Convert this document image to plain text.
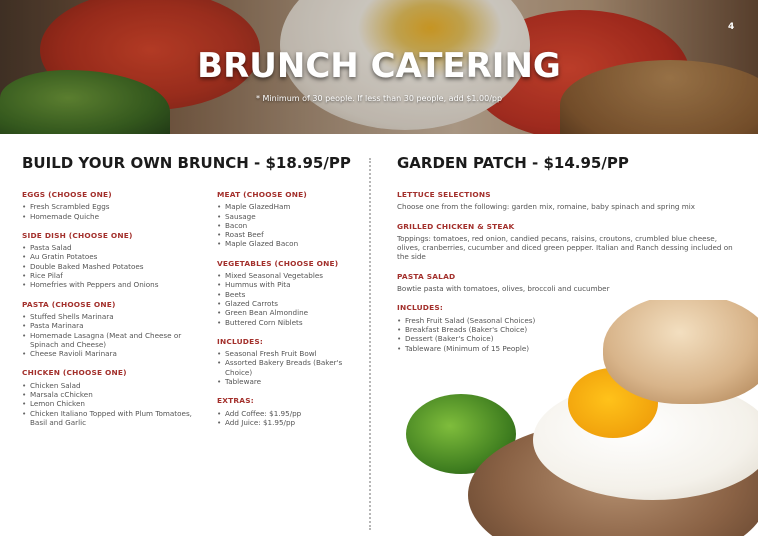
4
BRUNCH CATERING
* Minimum of 30 people. If less than 30 people, add $1.00/pp
BUILD YOUR OWN BRUNCH - $18.95/PP	GARDEN PATCH - $14.95/PP
EGGS (CHOOSE ONE)
• Fresh Scrambled Eggs
• Homemade Quiche
SIDE DISH (CHOOSE ONE)
• Pasta Salad
• Au Gratin Potatoes
• Double Baked Mashed Potatoes
• Rice Pilaf
• Homefries with Peppers and Onions
PASTA (CHOOSE ONE)
• Stuffed Shells Marinara
• Pasta Marinara
• Homemade Lasagna (Meat and Cheese or Spinach and Cheese)
• Cheese Ravioli Marinara
CHICKEN (CHOOSE ONE)
• Chicken Salad
• Marsala cChicken
• Lemon Chicken
• Chicken Italiano Topped with Plum Tomatoes, Basil and Garlic
MEAT (CHOOSE ONE)
• Maple GlazedHam
• Sausage
• Bacon
• Roast Beef
• Maple Glazed Bacon
VEGETABLES (CHOOSE ONE)
• Mixed Seasonal Vegetables
• Hummus with Pita
• Beets
• Glazed Carrots
• Green Bean Almondine
• Buttered Corn Niblets
INCLUDES:
• Seasonal Fresh Fruit Bowl
• Assorted Bakery Breads (Baker's Choice)
• Tableware
EXTRAS:
• Add Coffee: $1.95/pp
• Add Juice: $1.95/pp
LETTUCE SELECTIONS
Choose one from the following: garden mix, romaine, baby spinach and spring mix
GRILLED CHICKEN & STEAK
Toppings: tomatoes, red onion, candied pecans, raisins, croutons, crumbled blue cheese, olives, cranberries, cucumber and diced green pepper. Italian and Ranch dessing included on the side
PASTA SALAD
Bowtie pasta with tomatoes, olives, broccoli and cucumber
INCLUDES:
• Fresh Fruit Salad (Seasonal Choices)
• Breakfast Breads (Baker's Choice)
• Dessert (Baker's Choice)
• Tableware (Minimum of 15 People)
